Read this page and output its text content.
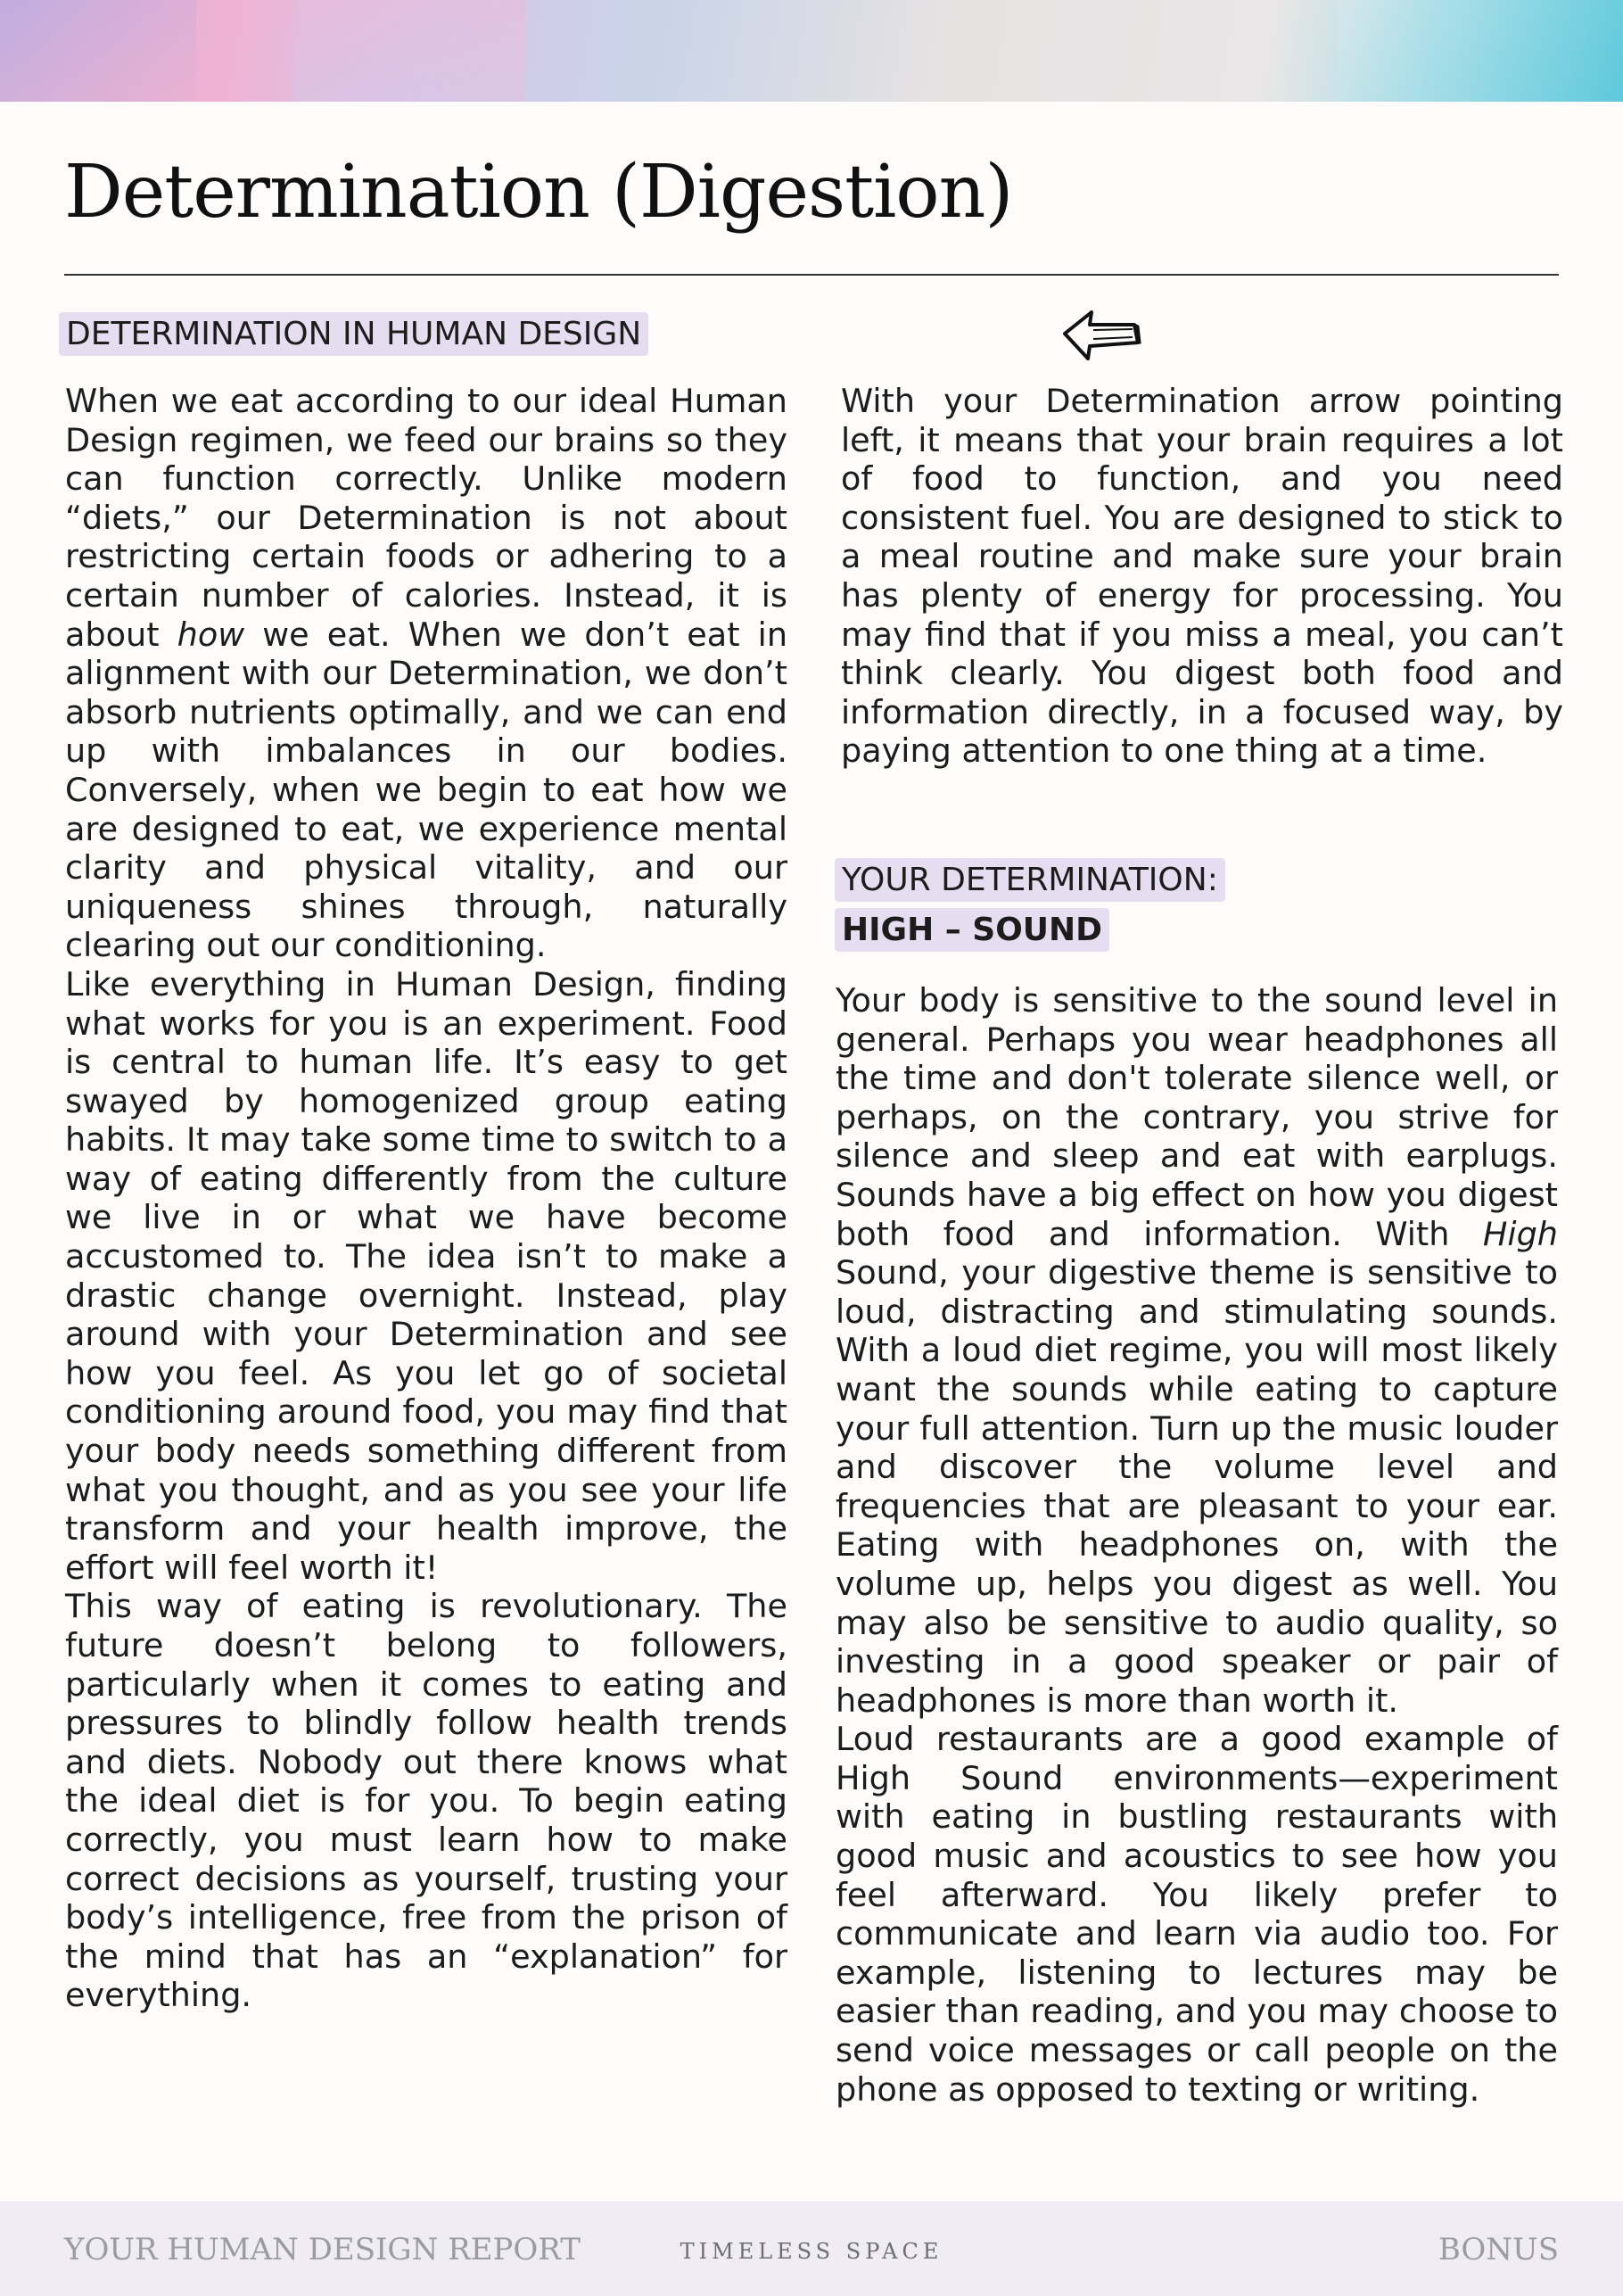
Determination (Digestion)
DETERMINATION IN HUMAN DESIGN

When we eat according to our ideal Human Design regimen, we feed our brains so they can function correctly. Unlike modern “diets,” our Determination is not about restricting certain foods or adhering to a certain number of calories. Instead, it is about how we eat. When we don’t eat in alignment with our Determination, we don’t absorb nutrients optimally, and we can end up with imbalances in our bodies. Conversely, when we begin to eat how we are designed to eat, we experience mental clarity and physical vitality, and our uniqueness shines through, naturally clearing out our conditioning.

Like everything in Human Design, finding what works for you is an experiment. Food is central to human life. It’s easy to get swayed by homogenized group eating habits. It may take some time to switch to a way of eating differently from the culture we live in or what we have become accustomed to. The idea isn’t to make a drastic change overnight. Instead, play around with your Determination and see how you feel. As you let go of societal conditioning around food, you may find that your body needs something different from what you thought, and as you see your life transform and your health improve, the effort will feel worth it!

This way of eating is revolutionary. The future doesn’t belong to followers, particularly when it comes to eating and pressures to blindly follow health trends and diets. Nobody out there knows what the ideal diet is for you. To begin eating correctly, you must learn how to make correct decisions as yourself, trusting your body’s intelligence, free from the prison of the mind that has an “explanation” for everything.

With your Determination arrow pointing left, it means that your brain requires a lot of food to function, and you need consistent fuel. You are designed to stick to a meal routine and make sure your brain has plenty of energy for processing. You may find that if you miss a meal, you can’t think clearly. You digest both food and information directly, in a focused way, by paying attention to one thing at a time.

YOUR DETERMINATION:
HIGH – SOUND

Your body is sensitive to the sound level in general. Perhaps you wear headphones all the time and don't tolerate silence well, or perhaps, on the contrary, you strive for silence and sleep and eat with earplugs. Sounds have a big effect on how you digest both food and information. With High Sound, your digestive theme is sensitive to loud, distracting and stimulating sounds. With a loud diet regime, you will most likely want the sounds while eating to capture your full attention. Turn up the music louder and discover the volume level and frequencies that are pleasant to your ear. Eating with headphones on, with the volume up, helps you digest as well. You may also be sensitive to audio quality, so investing in a good speaker or pair of headphones is more than worth it.

Loud restaurants are a good example of High Sound environments—experiment with eating in bustling restaurants with good music and acoustics to see how you feel afterward. You likely prefer to communicate and learn via audio too. For example, listening to lectures may be easier than reading, and you may choose to send voice messages or call people on the phone as opposed to texting or writing.

YOUR HUMAN DESIGN REPORT	TIMELESS SPACE	BONUS
